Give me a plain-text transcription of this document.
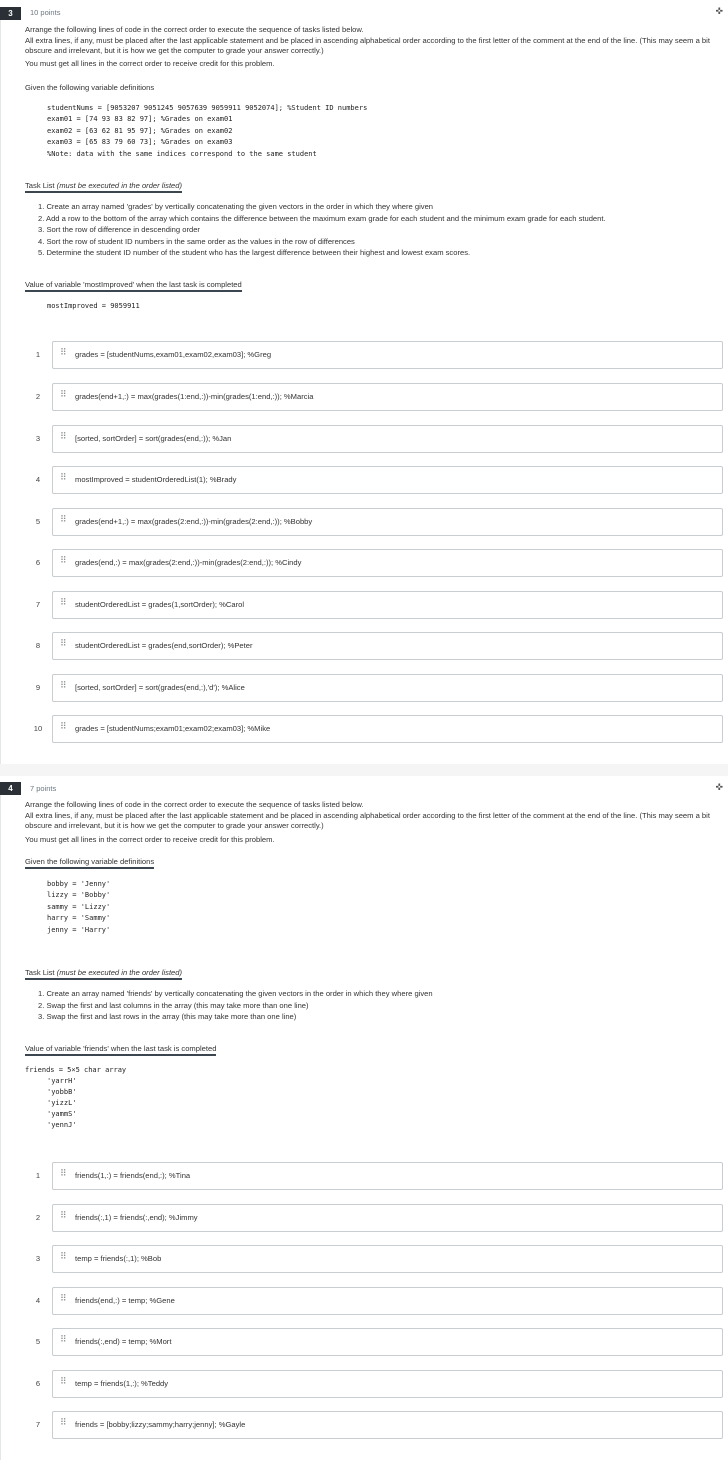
3	10 points	✜
Arrange the following lines of code in the correct order to execute the sequence of tasks listed below.
All extra lines, if any, must be placed after the last applicable statement and be placed in ascending alphabetical order according to the first letter of the comment at the end of the line. (This may seem a bit obscure and irrelevant, but it is how we get the computer to grade your answer correctly.)
You must get all lines in the correct order to receive credit for this problem.
Given the following variable definitions
studentNums = [9053207 9051245 9057639 9059911 9052074]; %Student ID numbers
exam01 = [74 93 83 82 97]; %Grades on exam01
exam02 = [63 62 81 95 97]; %Grades on exam02
exam03 = [65 83 79 60 73]; %Grades on exam03
%Note: data with the same indices correspond to the same student
Task List (must be executed in the order listed)
1. Create an array named 'grades' by vertically concatenating the given vectors in the order in which they where given
2. Add a row to the bottom of the array which contains the difference between the maximum exam grade for each student and the minimum exam grade for each student.
3. Sort the row of difference in descending order
4. Sort the row of student ID numbers in the same order as the values in the row of differences
5. Determine the student ID number of the student who has the largest difference between their highest and lowest exam scores.
Value of variable 'mostImproved' when the last task is completed
mostImproved = 9059911
1	⠿ grades = [studentNums,exam01,exam02,exam03]; %Greg
2	⠿ grades(end+1,:) = max(grades(1:end,:))-min(grades(1:end,:)); %Marcia
3	⠿ [sorted, sortOrder] = sort(grades(end,:)); %Jan
4	⠿ mostImproved = studentOrderedList(1); %Brady
5	⠿ grades(end+1,:) = max(grades(2:end,:))-min(grades(2:end,:)); %Bobby
6	⠿ grades(end,:) = max(grades(2:end,:))-min(grades(2:end,:)); %Cindy
7	⠿ studentOrderedList = grades(1,sortOrder); %Carol
8	⠿ studentOrderedList = grades(end,sortOrder); %Peter
9	⠿ [sorted, sortOrder] = sort(grades(end,:),'d'); %Alice
10	⠿ grades = [studentNums;exam01;exam02;exam03]; %Mike
4	7 points	✜
Arrange the following lines of code in the correct order to execute the sequence of tasks listed below.
All extra lines, if any, must be placed after the last applicable statement and be placed in ascending alphabetical order according to the first letter of the comment at the end of the line. (This may seem a bit obscure and irrelevant, but it is how we get the computer to grade your answer correctly.)
You must get all lines in the correct order to receive credit for this problem.
Given the following variable definitions
bobby = 'Jenny'
lizzy = 'Bobby'
sammy = 'Lizzy'
harry = 'Sammy'
jenny = 'Harry'
Task List (must be executed in the order listed)
1. Create an array named 'friends' by vertically concatenating the given vectors in the order in which they where given
2. Swap the first and last columns in the array (this may take more than one line)
3. Swap the first and last rows in the array (this may take more than one line)
Value of variable 'friends' when the last task is completed
friends = 5×5 char array
'yarrH'
'yobbB'
'yizzL'
'yammS'
'yennJ'
1	⠿ friends(1,:) = friends(end,:); %Tina
2	⠿ friends(:,1) = friends(:,end); %Jimmy
3	⠿ temp = friends(:,1); %Bob
4	⠿ friends(end,:) = temp; %Gene
5	⠿ friends(:,end) = temp; %Mort
6	⠿ temp = friends(1,:); %Teddy
7	⠿ friends = [bobby;lizzy;sammy;harry;jenny]; %Gayle
